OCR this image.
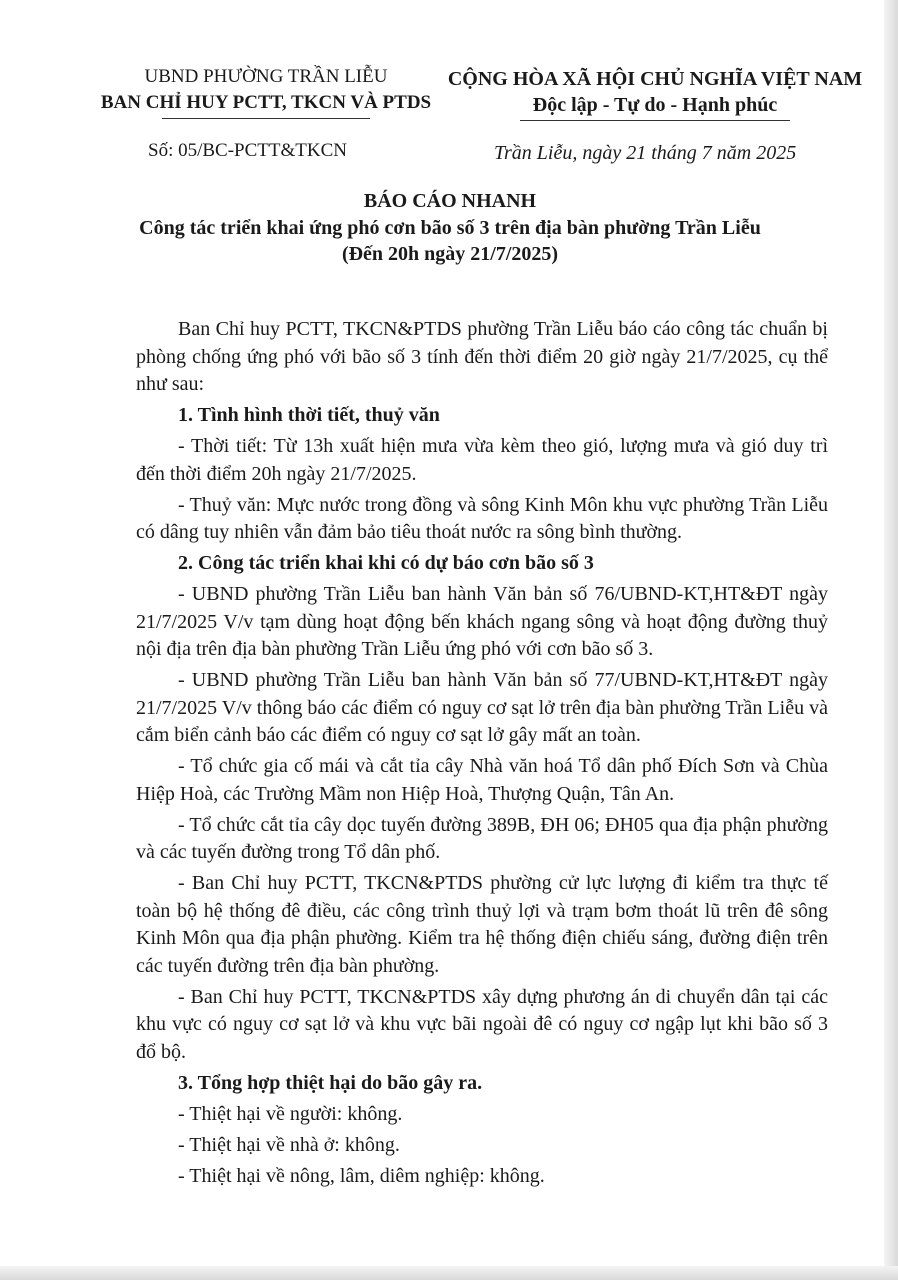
UBND PHƯỜNG TRẦN LIỄU
BAN CHỈ HUY PCTT, TKCN VÀ PTDS
CỘNG HÒA XÃ HỘI CHỦ NGHĨA VIỆT NAM
Độc lập - Tự do - Hạnh phúc
Số: 05/BC-PCTT&TKCN	Trần Liễu, ngày 21 tháng 7 năm 2025
BÁO CÁO NHANH
Công tác triển khai ứng phó cơn bão số 3 trên địa bàn phường Trần Liễu
(Đến 20h ngày 21/7/2025)

Ban Chỉ huy PCTT, TKCN&PTDS phường Trần Liễu báo cáo công tác chuẩn bị phòng chống ứng phó với bão số 3 tính đến thời điểm 20 giờ ngày 21/7/2025, cụ thể như sau:

1. Tình hình thời tiết, thuỷ văn

- Thời tiết: Từ 13h xuất hiện mưa vừa kèm theo gió, lượng mưa và gió duy trì đến thời điểm 20h ngày 21/7/2025.

- Thuỷ văn: Mực nước trong đồng và sông Kinh Môn khu vực phường Trần Liễu có dâng tuy nhiên vẫn đảm bảo tiêu thoát nước ra sông bình thường.

2. Công tác triển khai khi có dự báo cơn bão số 3

- UBND phường Trần Liễu ban hành Văn bản số 76/UBND-KT,HT&ĐT ngày 21/7/2025 V/v tạm dùng hoạt động bến khách ngang sông và hoạt động đường thuỷ nội địa trên địa bàn phường Trần Liễu ứng phó với cơn bão số 3.

- UBND phường Trần Liễu ban hành Văn bản số 77/UBND-KT,HT&ĐT ngày 21/7/2025 V/v thông báo các điểm có nguy cơ sạt lở trên địa bàn phường Trần Liễu và cắm biển cảnh báo các điểm có nguy cơ sạt lở gây mất an toàn.

- Tổ chức gia cố mái và cắt tỉa cây Nhà văn hoá Tổ dân phố Đích Sơn và Chùa Hiệp Hoà, các Trường Mầm non Hiệp Hoà, Thượng Quận, Tân An.

- Tổ chức cắt tỉa cây dọc tuyến đường 389B, ĐH 06; ĐH05 qua địa phận phường và các tuyến đường trong Tổ dân phố.

- Ban Chỉ huy PCTT, TKCN&PTDS phường cử lực lượng đi kiểm tra thực tế toàn bộ hệ thống đê điều, các công trình thuỷ lợi và trạm bơm thoát lũ trên đê sông Kinh Môn qua địa phận phường. Kiểm tra hệ thống điện chiếu sáng, đường điện trên các tuyến đường trên địa bàn phường.

- Ban Chỉ huy PCTT, TKCN&PTDS xây dựng phương án di chuyển dân tại các khu vực có nguy cơ sạt lở và khu vực bãi ngoài đê có nguy cơ ngập lụt khi bão số 3 đổ bộ.

3. Tổng hợp thiệt hại do bão gây ra.

- Thiệt hại về người: không.

- Thiệt hại về nhà ở: không.

- Thiệt hại về nông, lâm, diêm nghiệp: không.
